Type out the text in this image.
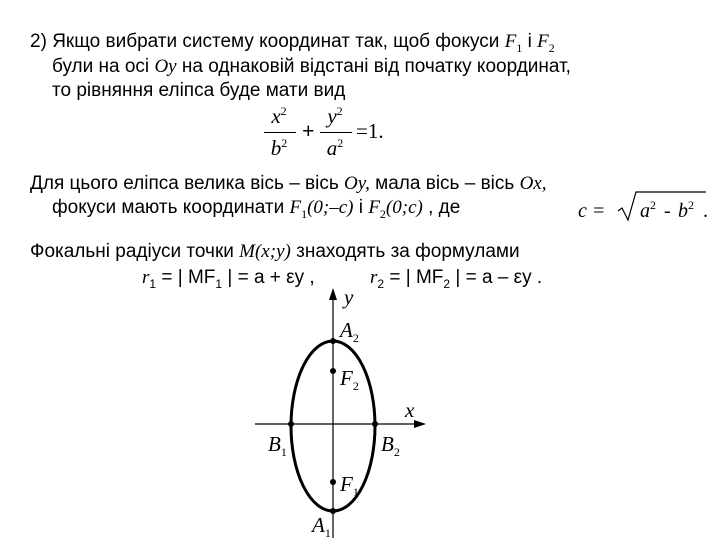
2) Якщо вибрати систему координат так, щоб фокуси $F_1$ і $F_2$
були на осі Oy на однаковій відстані від початку координат,
то рівняння еліпса буде мати вид
$x^2$
$b^2$ +
$y^2$
$a^2 =1$.
Для цього еліпса велика вісь – вісь Oy, мала вісь – вісь Ox,
фокуси мають координати $F_1(0;-c)$ і $F_2(0;c)$ , де	$c = a^2 - b^2$ .
Фокальні радіуси точки M(x;y) знаходять за формулами
$r_1$ = | $MF_1$ | = a + εy ,	$r_2$ = | $MF_2$ | = a – εy .
y
x
$A_2$
$F_2$
$B_1$	$B_2$
$F_1$
$A_1$
